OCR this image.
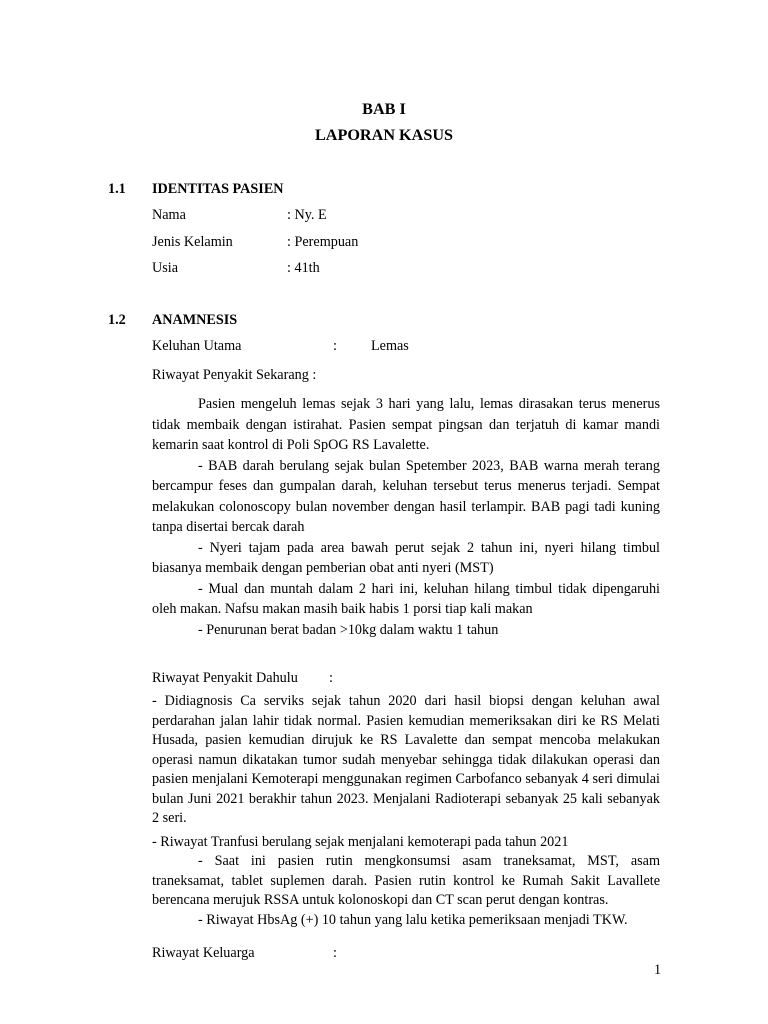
BAB I
LAPORAN KASUS
1.1 IDENTITAS PASIEN
Nama	: Ny. E
Jenis Kelamin	: Perempuan
Usia	: 41th
1.2 ANAMNESIS
Keluhan Utama	: Lemas
Riwayat Penyakit Sekarang :

Pasien mengeluh lemas sejak 3 hari yang lalu, lemas dirasakan terus menerus tidak membaik dengan istirahat. Pasien sempat pingsan dan terjatuh di kamar mandi kemarin saat kontrol di Poli SpOG RS Lavalette.

- BAB darah berulang sejak bulan Spetember 2023, BAB warna merah terang bercampur feses dan gumpalan darah, keluhan tersebut terus menerus terjadi. Sempat melakukan colonoscopy bulan november dengan hasil terlampir. BAB pagi tadi kuning tanpa disertai bercak darah

- Nyeri tajam pada area bawah perut sejak 2 tahun ini, nyeri hilang timbul biasanya membaik dengan pemberian obat anti nyeri (MST)

- Mual dan muntah dalam 2 hari ini, keluhan hilang timbul tidak dipengaruhi oleh makan. Nafsu makan masih baik habis 1 porsi tiap kali makan

- Penurunan berat badan >10kg dalam waktu 1 tahun

Riwayat Penyakit Dahulu :

- Didiagnosis Ca serviks sejak tahun 2020 dari hasil biopsi dengan keluhan awal perdarahan jalan lahir tidak normal. Pasien kemudian memeriksakan diri ke RS Melati Husada, pasien kemudian dirujuk ke RS Lavalette dan sempat mencoba melakukan operasi namun dikatakan tumor sudah menyebar sehingga tidak dilakukan operasi dan pasien menjalani Kemoterapi menggunakan regimen Carbofanco sebanyak 4 seri dimulai bulan Juni 2021 berakhir tahun 2023. Menjalani Radioterapi sebanyak 25 kali sebanyak 2 seri.

- Riwayat Tranfusi berulang sejak menjalani kemoterapi pada tahun 2021

- Saat ini pasien rutin mengkonsumsi asam traneksamat, MST, asam traneksamat, tablet suplemen darah. Pasien rutin kontrol ke Rumah Sakit Lavallete berencana merujuk RSSA untuk kolonoskopi dan CT scan perut dengan kontras.

- Riwayat HbsAg (+) 10 tahun yang lalu ketika pemeriksaan menjadi TKW.

Riwayat Keluarga	:
1
